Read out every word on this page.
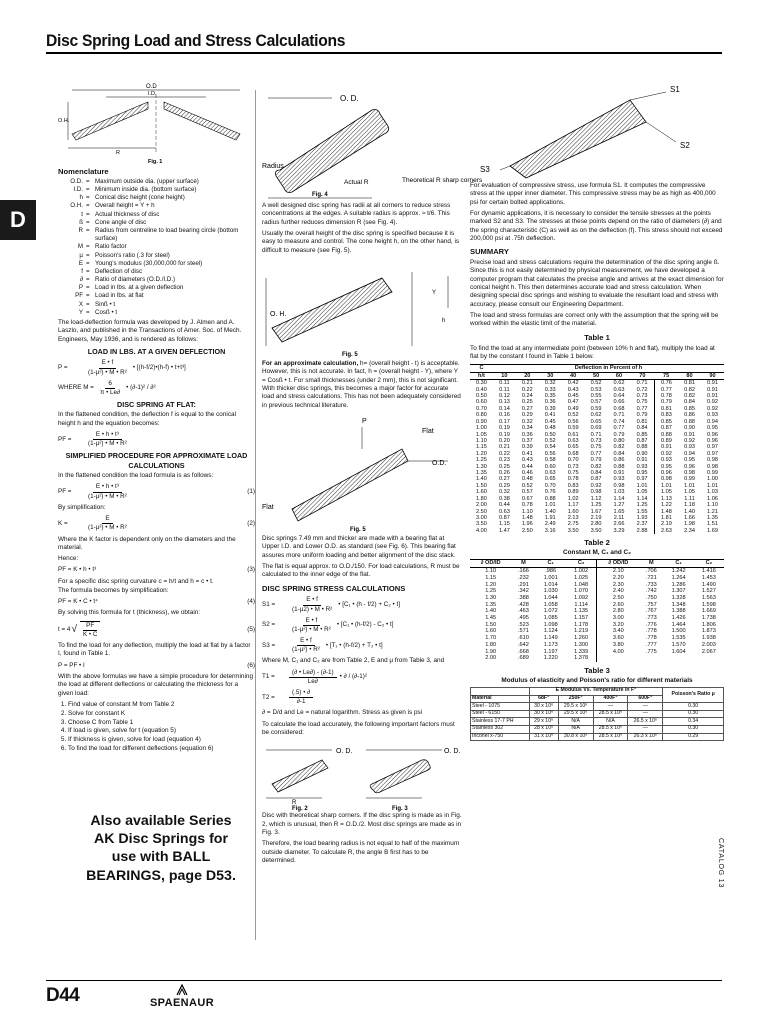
Disc Spring Load and Stress Calculations
D
CATALOG 13
O.D
I.D.
O.H.
R
Fig. 1
Nomenclature
O.D. = Maximum outside dia. (upper surface)
I.D. = Minimum inside dia. (bottom surface)
h = Conical disc height (cone height)
O.H. = Overall height = Y + h
t = Actual thickness of disc
ß = Cone angle of disc
R = Radius from centreline to load bearing circle (bottom surface)
M = Ratio factor
µ = Poisson's ratio (.3 for steel)
E = Young's modulus (30,000,000 for steel)
f = Deflection of disc
∂ = Ratio of diameters (O.D./I.D.)
P = Load in lbs. at a given deflection
PF = Load in lbs. at flat
X = Sinß • t
Y = Cosß • t

The load-deflection formula was developed by J. Almen and A. Laszlo, and published in the Transactions of Amer. Soc. of Mech. Engineers, May 1936, and is rendered as follows:

LOAD IN LBS. AT A GIVEN DEFLECTION
P =	$\frac{E • f}{\text{(1-µ²) • M • R²}}$ • [(h-f/2)•(h-f) • t+t³]
WHERE $M = \frac{6}{\pi • Le\partial}$ • (∂-1)² / ∂²
DISC SPRING AT FLAT:

In the flattened condition, the deflection f is equal to the conical height h and the equation becomes:

PF =	$\frac{\text{E • h • t³}}{\text{(1-µ²) • M • R²}}$
SIMPLIFIED PROCEDURE FOR APPROXIMATE LOAD CALCULATIONS

In the flattened condition the load formula is as follows:

PF =	$\frac{\text{E • h • t³}}{\text{(1-µ²) • M • R²}}$	(1)
By simplification:
K =	$\frac{E}{\text{(1-µ²) • M • R²}}$	(2)

Where the K factor is dependent only on the diameters and the material.

Hence:
PF = K • h • t³	(3)
For a specific disc spring curvature c = h/t and h = c • t.
The formula becomes by simplification:
PF = K • C • t⁴	(4)
By solving this formula for t (thickness), we obtain:
t = 4 √ $\frac{PF}{K • C}$	(5)

To find the load for any deflection, multiply the load at flat by a factor I, found in Table 1.

P = PF • I	(6)

With the above formulas we have a simple procedure for determining the load at different deflections or calculating the thickness for a given load:

1. Find value of constant M from Table 2
2. Solve for constant K
3. Choose C from Table 1
4. If load is given, solve for t (equation 5)
5. If thickness is given, solve for load (equation 4)
6. To find the load for different deflections (equation 6)
Also available Series AK Disc Springs for use with BALL BEARINGS, page D53.
O. D.
Radius
Actual R	Theoretical R sharp corners
Fig. 4

A well designed disc spring has radii at all corners to reduce stress concentrations at the edges. A suitable radius is approx. ≈ t/6. This radius further reduces dimension R (see Fig. 4).

Usually the overall height of the disc spring is specified because it is easy to measure and control. The cone height h, on the other hand, is difficult to measure (see Fig. 5).

O. H.
Y
h
Fig. 5

For an approximate calculation, h= (overall height - t) is acceptable. However, this is not accurate. In fact, h = (overall height - Y), where Y = Cosß • t. For small thicknesses (under 2 mm), this is not significant. With thicker disc springs, this becomes a major factor for accurate load and stress calculations. This has not been adequately considered in previous technical literature.

P
Flat
O.D.
Flat
Fig. 5

Disc springs 7.49 mm and thicker are made with a bearing flat at Upper I.D. and Lower O.D. as standard (see Fig. 6). This bearing flat assures more uniform loading and better alignment of the disc stack.

The flat is equal approx. to O.D./150. For load calculations, R must be calculated to the inner edge of the flat.

DISC SPRING STRESS CALCULATIONS
S1 =	$\frac{E • f}{\text{(1-µ2) • M • R²}}$ • [C₁ • (h - f/2) + C₂ • t]
S2 =	$\frac{E • f}{\text{(1-µ²) • M • R²}}$ • [C₁ • (h-f/2) - C₂ • t]
S3 =	$\frac{E • f}{\text{(1-µ²) • R²}}$ • [T₁ • (h-f/2) + T₂ • t]

Where M, C₁ and C₂ are from Table 2, E and µ from Table 3, and

T1 =	$\frac{(\partial • Le\partial) - (\partial-1)}{Le\partial}$ • ∂ / (∂-1)²
T2 =	$\frac{(.5) • \partial}{\partial-1}$

∂ = D/d and Le = natural logarithm. Stress as given is psi

To calculate the load accurately, the following important factors must be considered:

O. D.	O. D.
R
Fig. 2	Fig. 3

Disc with theoretical sharp corners. If the disc spring is made as in Fig. 2, which is unusual, then R = O.D./2. Most disc springs are made as in Fig. 3.

Therefore, the load bearing radius is not equal to half of the maximum outside diameter. To calculate R, the angle B first has to be determined.

S1
S2
S3

For evaluation of compressive stress, use formula S1. It computes the compressive stress at the upper inner diameter. This compressive stress may be as high as 400,000 psi for certain bolted applications.

For dynamic applications, it is necessary to consider the tensile stresses at the points marked S2 and S3. The stresses at these points depend on the ratio of diameters (∂) and the spring characteristic (C) as well as on the deflection (f). This stress should not exceed 200,000 psi at .75h deflection.

SUMMARY

Precise load and stress calculations require the determination of the disc spring angle ß. Since this is not easily determined by physical measurement, we have developed a computer program that calculates the precise angle and arrives at the exact dimension for conical height h. This then determines accurate load and stress calculation. When designing special disc springs and wishing to evaluate the resultant load and stress with accuracy, please consult our Engineering Department.

The load and stress formulas are correct only with the assumption that the spring will be worked within the elastic limit of the material.

Table 1

To find the load at any intermediate point (between 10% h and flat), multiply the load at flat by the constant I found in Table 1 below.

C	Deflection in Percent of h									
h/t	10	20	30	40	50	60	70	75	80	90
0.30	0.11	0.21	0.32	0.42	0.52	0.62	0.71	0.76	0.81	0.91
0.40	0.11	0.22	0.33	0.43	0.53	0.63	0.72	0.77	0.82	0.91
0.50	0.12	0.24	0.35	0.45	0.55	0.64	0.73	0.78	0.82	0.91
0.60	0.13	0.25	0.36	0.47	0.57	0.66	0.75	0.79	0.84	0.92
0.70	0.14	0.27	0.39	0.49	0.59	0.68	0.77	0.81	0.85	0.92
0.80	0.16	0.29	0.41	0.52	0.62	0.71	0.79	0.83	0.86	0.93
0.90	0.17	0.32	0.45	0.56	0.65	0.74	0.81	0.85	0.88	0.94
1.00	0.19	0.34	0.48	0.59	0.69	0.77	0.84	0.87	0.90	0.95
1.05	0.19	0.36	0.50	0.61	0.71	0.79	0.85	0.88	0.91	0.96
1.10	0.20	0.37	0.52	0.63	0.73	0.80	0.87	0.89	0.92	0.96
1.15	0.21	0.39	0.54	0.65	0.75	0.82	0.88	0.91	0.93	0.97
1.20	0.22	0.41	0.56	0.68	0.77	0.84	0.90	0.92	0.94	0.97
1.25	0.23	0.43	0.58	0.70	0.79	0.86	0.91	0.93	0.95	0.98
1.30	0.25	0.44	0.60	0.73	0.82	0.88	0.93	0.95	0.96	0.98
1.35	0.26	0.46	0.63	0.75	0.84	0.91	0.95	0.96	0.98	0.99
1.40	0.27	0.48	0.65	0.78	0.87	0.93	0.97	0.98	0.99	1.00
1.50	0.29	0.52	0.70	0.83	0.92	0.98	1.01	1.01	1.01	1.01
1.60	0.32	0.57	0.76	0.89	0.98	1.03	1.05	1.05	1.05	1.03
1.80	0.38	0.67	0.88	1.02	1.12	1.14	1.14	1.13	1.11	1.06
2.00	0.44	0.78	1.01	1.17	1.25	1.27	1.25	1.22	1.18	1.10
2.50	0.63	1.10	1.40	1.60	1.67	1.65	1.55	1.48	1.40	1.21
3.00	0.87	1.48	1.91	2.13	2.19	2.11	1.93	1.81	1.66	1.35
3.50	1.15	1.96	2.49	2.75	2.80	2.66	2.37	2.19	1.98	1.51
4.00	1.47	2.50	3.16	3.50	3.50	3.29	2.88	2.63	2.34	1.69
Table 2
Constant M, C₁ and C₂
∂ OD/ID	M	C₁	C₂	∂ OD/ID	M	C₁	C₂
1.10	.166	.986	1.002	2.10	.706	1.242	1.416
1.15	.232	1.001	1.025	2.20	.721	1.264	1.453
1.20	.291	1.014	1.048	2.30	.733	1.286	1.490
1.25	.342	1.030	1.070	2.40	.742	1.307	1.527
1.30	.388	1.044	1.092	2.50	.750	1.328	1.563
1.35	.428	1.058	1.114	2.60	.757	1.348	1.598
1.40	.463	1.072	1.135	2.80	.767	1.388	1.669
1.45	.495	1.085	1.157	3.00	.773	1.426	1.738
1.50	.523	1.098	1.178	3.20	.776	1.464	1.806
1.60	.571	1.124	1.219	3.40	.778	1.500	1.873
1.70	.610	1.149	1.260	3.60	.778	1.535	1.938
1.80	.642	1.173	1.300	3.80	.777	1.570	2.003
1.90	.668	1.197	1.339	4.00	.775	1.604	2.067
2.00	.689	1.220	1.378				
Table 3
Modulus of elasticity and Poisson's ratio for different materials
	E Modulus Vs. Temperature in F°				Poisson's Ratio µ
Material	68F°	250F°	400F°	600F°	
Steel - 1075	30 x 10⁶	29.5 x 10⁶	—	—	0.30
Steel - 6150	30 x 10⁶	29.5 x 10⁶	28.5 x 10⁶	—	0.30
Stainless 17-7 PH	29 x 10⁶	N/A	N/A	26.5 x 10⁶	0.34
Stainless 302	28 x 10⁶	N/A	28.5 x 10⁶	—	0.30
Inconel x-750	31 x 10⁶	30.8 x 10⁶	28.5 x 10⁶	26.3 x 10⁶	0.29
D44	SPAENAUR
